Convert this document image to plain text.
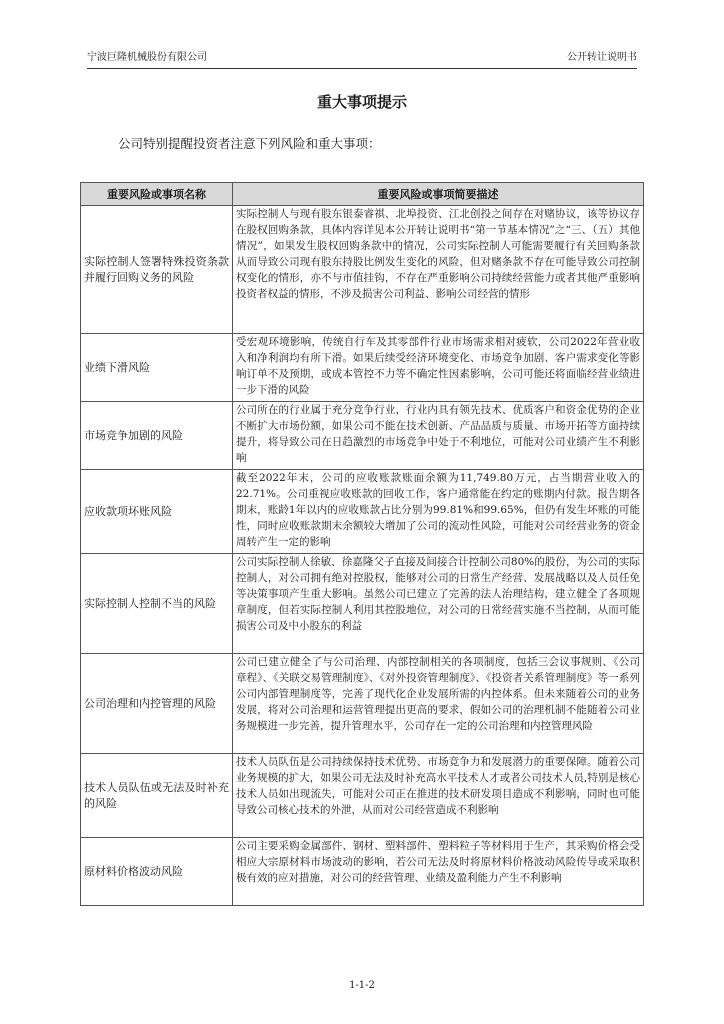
宁波巨隆机械股份有限公司	公开转让说明书
重大事项提示
公司特别提醒投资者注意下列风险和重大事项：
重要风险或事项名称	重要风险或事项简要描述
实际控制人签署特殊投资条款并履行回购义务的风险	实际控制人与现有股东银泰睿祺、北埠投资、江北创投之间存在对赌协议，该等协议存在股权回购条款，具体内容详见本公开转让说明书“第一节基本情况”之“三、（五）其他情况”，如果发生股权回购条款中的情况，公司实际控制人可能需要履行有关回购条款从而导致公司现有股东持股比例发生变化的风险，但对赌条款不存在可能导致公司控制权变化的情形，亦不与市值挂钩，不存在严重影响公司持续经营能力或者其他严重影响投资者权益的情形，不涉及损害公司利益、影响公司经营的情形
业绩下滑风险	受宏观环境影响，传统自行车及其零部件行业市场需求相对疲软，公司2022年营业收入和净利润均有所下滑。如果后续受经济环境变化、市场竞争加剧、客户需求变化等影响订单不及预期，或成本管控不力等不确定性因素影响，公司可能还将面临经营业绩进一步下滑的风险
市场竞争加剧的风险	公司所在的行业属于充分竞争行业，行业内具有领先技术、优质客户和资金优势的企业不断扩大市场份额，如果公司不能在技术创新、产品品质与质量、市场开拓等方面持续提升，将导致公司在日趋激烈的市场竞争中处于不利地位，可能对公司业绩产生不利影响
应收款项坏账风险	截至2022年末，公司的应收账款账面余额为11,749.80万元，占当期营业收入的22.71%。公司重视应收账款的回收工作，客户通常能在约定的账期内付款。报告期各期末，账龄1年以内的应收账款占比分别为99.81%和99.65%，但仍有发生坏账的可能性，同时应收账款期末余额较大增加了公司的流动性风险，可能对公司经营业务的资金周转产生一定的影响
实际控制人控制不当的风险	公司实际控制人徐敏、徐嘉隆父子直接及间接合计控制公司80%的股份，为公司的实际控制人，对公司拥有绝对控股权，能够对公司的日常生产经营、发展战略以及人员任免等决策事项产生重大影响。虽然公司已建立了完善的法人治理结构，建立健全了各项规章制度，但若实际控制人利用其控股地位，对公司的日常经营实施不当控制，从而可能损害公司及中小股东的利益
公司治理和内控管理的风险	公司已建立健全了与公司治理、内部控制相关的各项制度，包括三会议事规则、《公司章程》、《关联交易管理制度》、《对外投资管理制度》、《投资者关系管理制度》等一系列公司内部管理制度等，完善了现代化企业发展所需的内控体系。但未来随着公司的业务发展，将对公司治理和运营管理提出更高的要求，假如公司的治理机制不能随着公司业务规模进一步完善，提升管理水平，公司存在一定的公司治理和内控管理风险
技术人员队伍或无法及时补充的风险	技术人员队伍是公司持续保持技术优势、市场竞争力和发展潜力的重要保障。随着公司业务规模的扩大，如果公司无法及时补充高水平技术人才或者公司技术人员,特别是核心技术人员如出现流失，可能对公司正在推进的技术研发项目造成不利影响，同时也可能导致公司核心技术的外泄，从而对公司经营造成不利影响
原材料价格波动风险	公司主要采购金属部件、钢材、塑料部件、塑料粒子等材料用于生产，其采购价格会受相应大宗原材料市场波动的影响，若公司无法及时将原材料价格波动风险传导或采取积极有效的应对措施，对公司的经营管理、业绩及盈利能力产生不利影响
1-1-2
